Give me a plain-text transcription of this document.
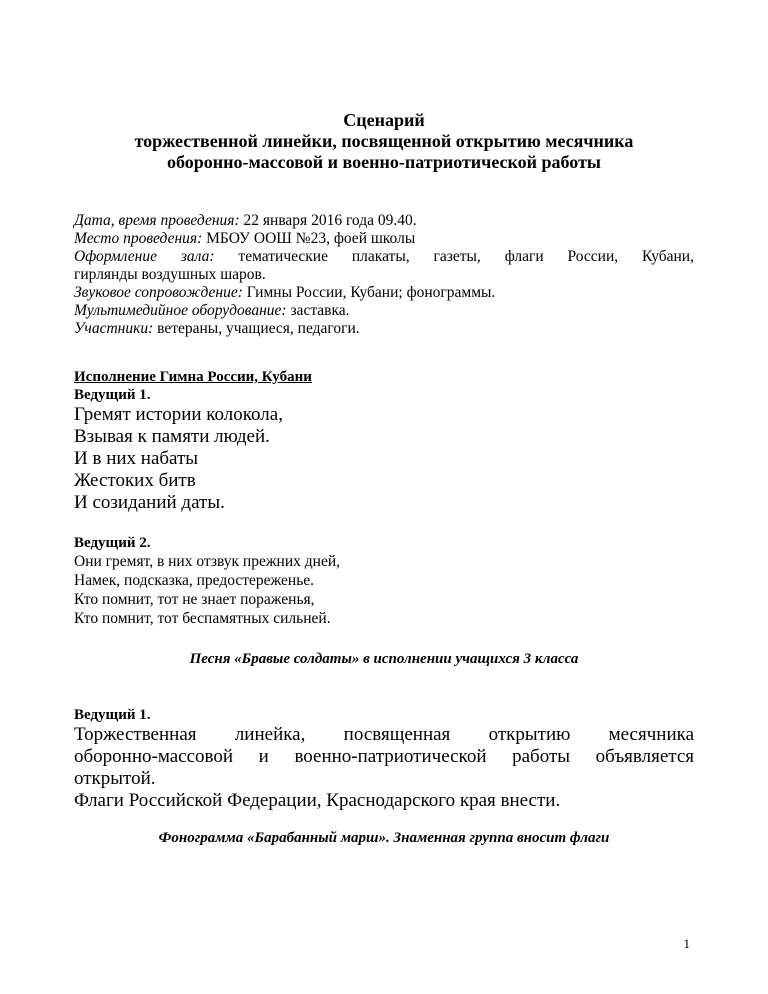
Сценарий
торжественной линейки, посвященной открытию месячника
оборонно-массовой и военно-патриотической работы

Дата, время проведения: 22 января 2016 года 09.40.

Место проведения: МБОУ ООШ №23, фоей школы

Оформление зала: тематические плакаты, газеты, флаги России, Кубани,

гирлянды воздушных шаров.

Звуковое сопровождение: Гимны России, Кубани; фонограммы.

Мультимедийное оборудование: заставка.

Участники: ветераны, учащиеся, педагоги.

Исполнение Гимна России, Кубани
Ведущий 1.
Гремят истории колокола,
Взывая к памяти людей.
И в них набаты
Жестоких битв
И созиданий даты.
Ведущий 2.
Они гремят, в них отзвук прежних дней,
Намек, подсказка, предостереженье.
Кто помнит, тот не знает пораженья,
Кто помнит, тот беспамятных сильней.
Песня «Бравые солдаты» в исполнении учащихся 3 класса
Ведущий 1.
Торжественная линейка, посвященная открытию месячника
оборонно-массовой и военно-патриотической работы объявляется
открытой.
Флаги Российской Федерации, Краснодарского края внести.
Фонограмма «Барабанный марш». Знаменная группа вносит флаги
1
